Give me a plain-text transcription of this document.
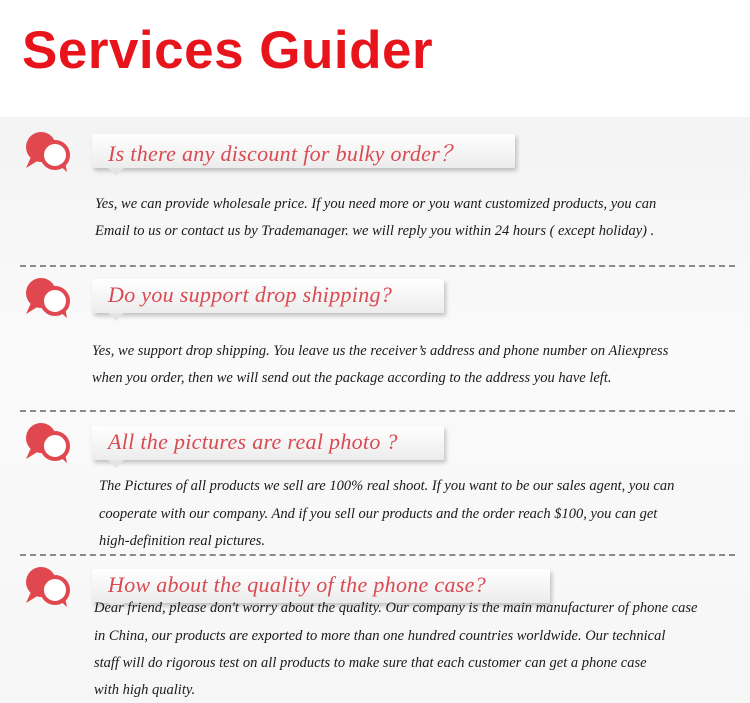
Services Guider
Is there any discount for bulky order？
Yes, we can provide wholesale price. If you need more or you want customized products, you can
Email to us or contact us by Trademanager. we will reply you within 24 hours ( except holiday) .
Do you support drop shipping?
Yes, we support drop shipping. You leave us the receiver’s address and phone number on Aliexpress
when you order, then we will send out the package according to the address you have left.
All the pictures are real photo ?
The Pictures of all products we sell are 100% real shoot. If you want to be our sales agent, you can
cooperate with our company. And if you sell our products and the order reach $100, you can get
high-definition real pictures.
How about the quality of the phone case?
Dear friend, please don't worry about the quality. Our company is the main manufacturer of phone case
in China, our products are exported to more than one hundred countries worldwide. Our technical
staff will do rigorous test on all products to make sure that each customer can get a phone case
with high quality.
